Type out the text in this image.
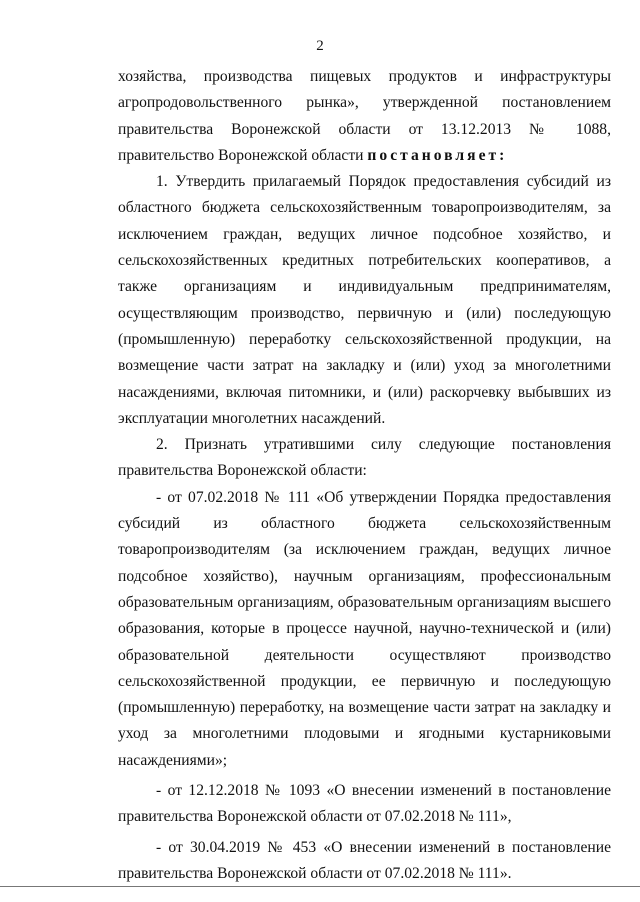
2

хозяйства, производства пищевых продуктов и инфраструктуры агропродовольственного рынка», утвержденной постановлением правительства Воронежской области от 13.12.2013 № 1088, правительство Воронежской области постановляет:

1. Утвердить прилагаемый Порядок предоставления субсидий из областного бюджета сельскохозяйственным товаропроизводителям, за исключением граждан, ведущих личное подсобное хозяйство, и сельскохозяйственных кредитных потребительских кооперативов, а также организациям и индивидуальным предпринимателям, осуществляющим производство, первичную и (или) последующую (промышленную) переработку сельскохозяйственной продукции, на возмещение части затрат на закладку и (или) уход за многолетними насаждениями, включая питомники, и (или) раскорчевку выбывших из эксплуатации многолетних насаждений.

2. Признать утратившими силу следующие постановления правительства Воронежской области:

- от 07.02.2018 № 111 «Об утверждении Порядка предоставления субсидий из областного бюджета сельскохозяйственным товаропроизводителям (за исключением граждан, ведущих личное подсобное хозяйство), научным организациям, профессиональным образовательным организациям, образовательным организациям высшего образования, которые в процессе научной, научно-технической и (или) образовательной деятельности осуществляют производство сельскохозяйственной продукции, ее первичную и последующую (промышленную) переработку, на возмещение части затрат на закладку и уход за многолетними плодовыми и ягодными кустарниковыми насаждениями»;

- от 12.12.2018 № 1093 «О внесении изменений в постановление правительства Воронежской области от 07.02.2018 № 111»,

- от 30.04.2019 № 453 «О внесении изменений в постановление правительства Воронежской области от 07.02.2018 № 111».
